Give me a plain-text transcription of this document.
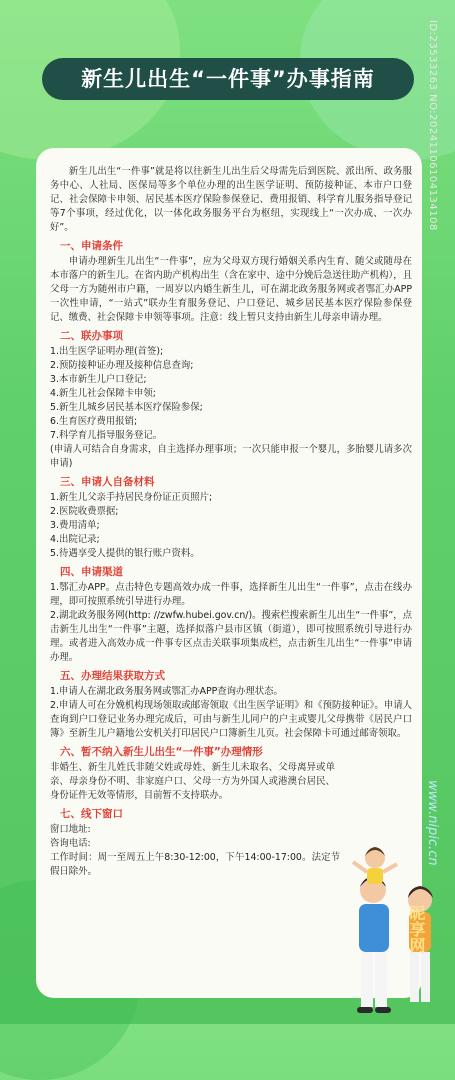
ID:23533263 NO:20241106104134108
新生儿出生“一件事”办事指南

新生儿出生“一件事”就是将以往新生儿出生后父母需先后到医院、派出所、政务服务中心、人社局、医保局等多个单位办理的出生医学证明、预防接种证、本市户口登记、社会保障卡申领、居民基本医疗保险参保登记、费用报销、科学育儿服务指导登记等7个事项，经过优化，以一体化政务服务平台为枢纽，实现线上“一次办成、一次办好”。

一、申请条件

申请办理新生儿出生“一件事”，应为父母双方现行婚姻关系内生育、随父或随母在本市落户的新生儿。在省内助产机构出生（含在家中、途中分娩后急送往助产机构），且父母一方为随州市户籍，一周岁以内婚生新生儿，可在湖北政务服务网或者鄂汇办APP一次性申请，“一站式”联办生育服务登记、户口登记、城乡居民基本医疗保险参保登记、缴费、社会保障卡申领等事项。注意：线上暂只支持由新生儿母亲申请办理。

二、联办事项

1.出生医学证明办理(首签);

2.预防接种证办理及接种信息查询;

3.本市新生儿户口登记;

4.新生儿社会保障卡申领;

5.新生儿城乡居民基本医疗保险参保;

6.生育医疗费用报销;

7.科学育儿指导服务登记。

(申请人可结合自身需求，自主选择办理事项；一次只能申报一个婴儿，多胎婴儿请多次申请)

三、申请人自备材料

1.新生儿父亲手持居民身份证正页照片;

2.医院收费票据;

3.费用清单;

4.出院记录;

5.待遇享受人提供的银行账户资料。

四、申请渠道

1.鄂汇办APP。点击特色专题高效办成一件事，选择新生儿出生“一件事”，点击在线办理，即可按照系统引导进行办理。

2.湖北政务服务网(http: //zwfw.hubei.gov.cn/)。搜索栏搜索新生儿出生“一件事”，点击新生儿出生“一件事”主题，选择拟落户县市区镇（街道），即可按照系统引导进行办理。或者进入高效办成一件事专区点击关联事项集成栏，点击新生儿出生“一件事”申请办理。

五、办理结果获取方式

1.申请人在湖北政务服务网或鄂汇办APP查询办理状态。

2.申请人可在分娩机构现场领取或邮寄领取《出生医学证明》和《预防接种证》。申请人查询到户口登记业务办理完成后，可由与新生儿同户的户主或婴儿父母携带《居民户口簿》至新生儿户籍地公安机关打印居民户口簿新生儿页。社会保障卡可通过邮寄领取。

六、暂不纳入新生儿出生“一件事”办理情形

非婚生、新生儿姓氏非随父姓或母姓、新生儿未取名、父母离异或单亲、母亲身份不明、非家庭户口、父母一方为外国人或港澳台居民、身份证件无效等情形，目前暂不支持联办。

七、线下窗口

窗口地址:

咨询电话:

工作时间：周一至周五上午8:30-12:00，下午14:00-17:00。法定节假日除外。

www.nipic.cn
昵享网
